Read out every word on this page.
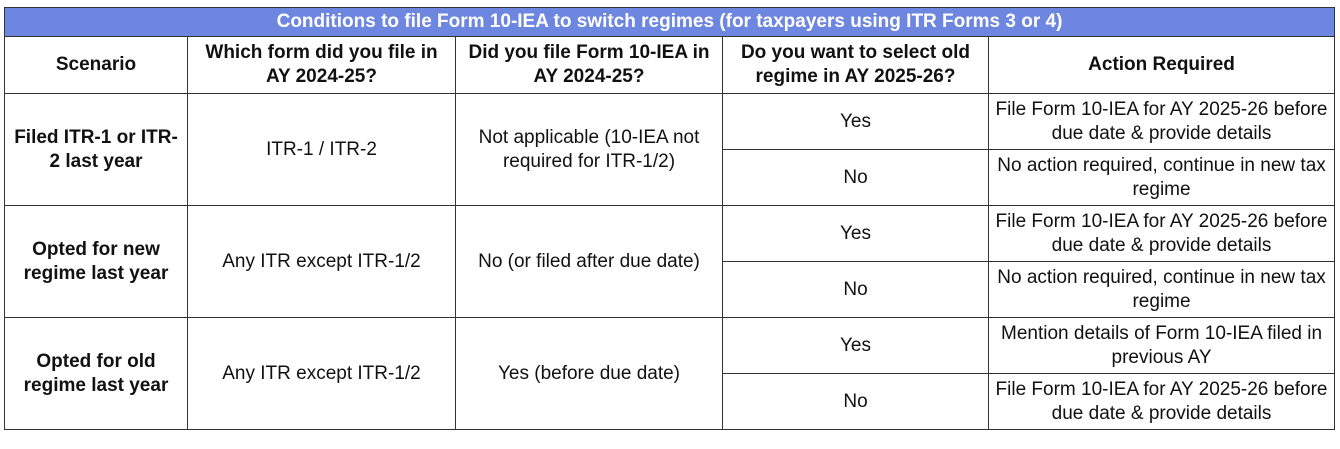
Conditions to file Form 10-IEA to switch regimes (for taxpayers using ITR Forms 3 or 4)				
Scenario	Which form did you file in AY 2024-25?	Did you file Form 10-IEA in AY 2024-25?	Do you want to select old regime in AY 2025-26?	Action Required
Filed ITR-1 or ITR-2 last year	ITR-1 / ITR-2	Not applicable (10-IEA not required for ITR-1/2)	Yes	File Form 10-IEA for AY 2025-26 before due date & provide details
			No	No action required, continue in new tax regime
Opted for new regime last year	Any ITR except ITR-1/2	No (or filed after due date)	Yes	File Form 10-IEA for AY 2025-26 before due date & provide details
			No	No action required, continue in new tax regime
Opted for old regime last year	Any ITR except ITR-1/2	Yes (before due date)	Yes	Mention details of Form 10-IEA filed in previous AY
			No	File Form 10-IEA for AY 2025-26 before due date & provide details
